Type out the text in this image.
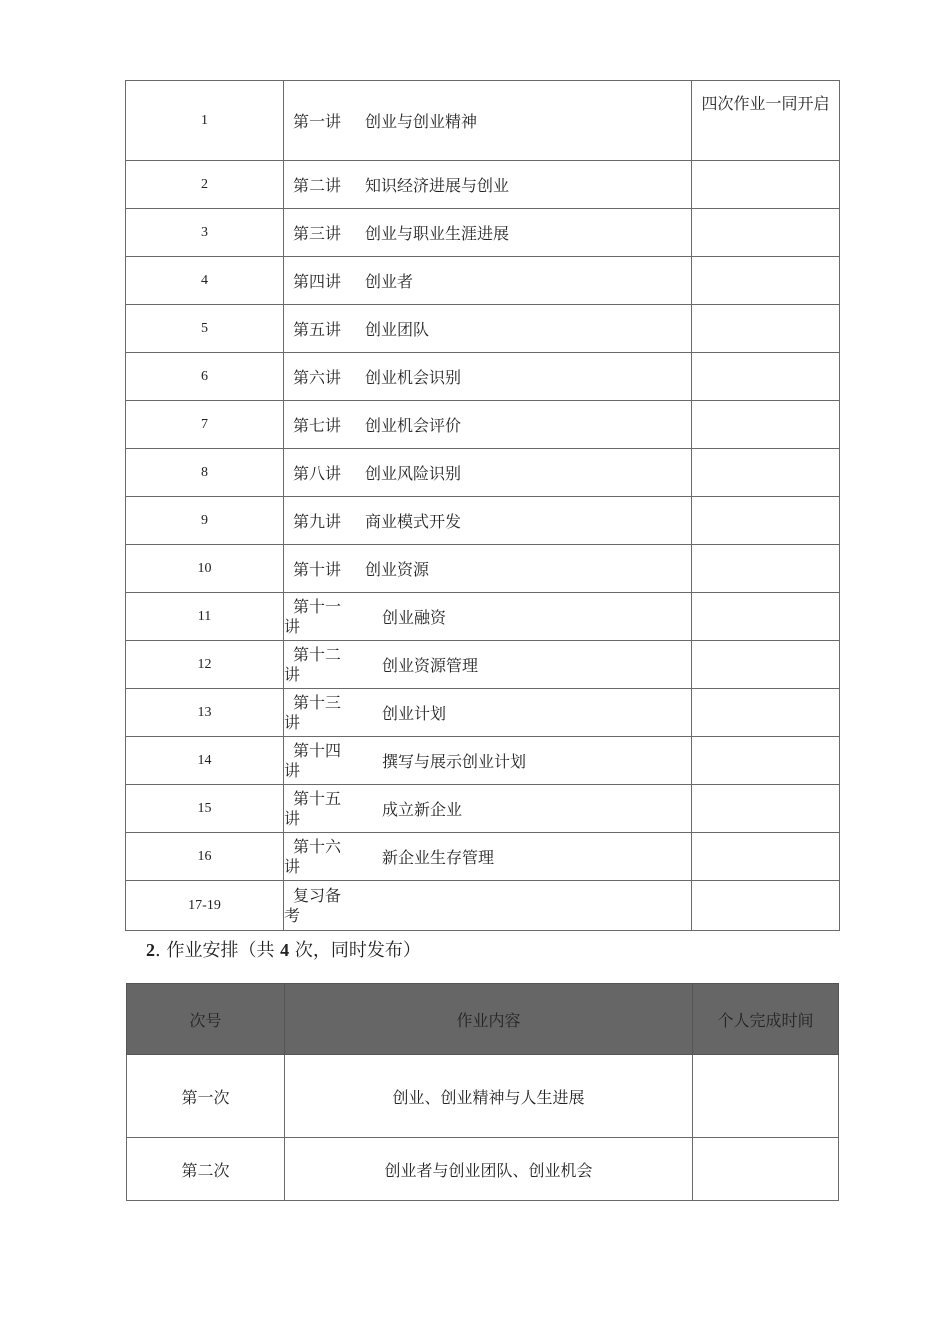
1	第一讲 创业与创业精神	四次作业一同开启
2	第二讲 知识经济进展与创业	

3	第三讲 创业与职业生涯进展	

4	第四讲 创业者	

5	第五讲 创业团队	

6	第六讲 创业机会识别	

7	第七讲 创业机会评价	

8	第八讲 创业风险识别	

9	第九讲 商业模式开发	

10	第十讲 创业资源	

11	第十一讲 创业融资	

12	第十二讲 创业资源管理	

13	第十三讲 创业计划	

14	第十四讲 撰写与展示创业计划	

15	第十五讲 成立新企业	

16	第十六讲 新企业生存管理	

17-19	复习备考	

2. 作业安排（共 4 次，同时发布）
次号	作业内容	个人完成时间
第一次	创业、创业精神与人生进展	
第二次	创业者与创业团队、创业机会	
